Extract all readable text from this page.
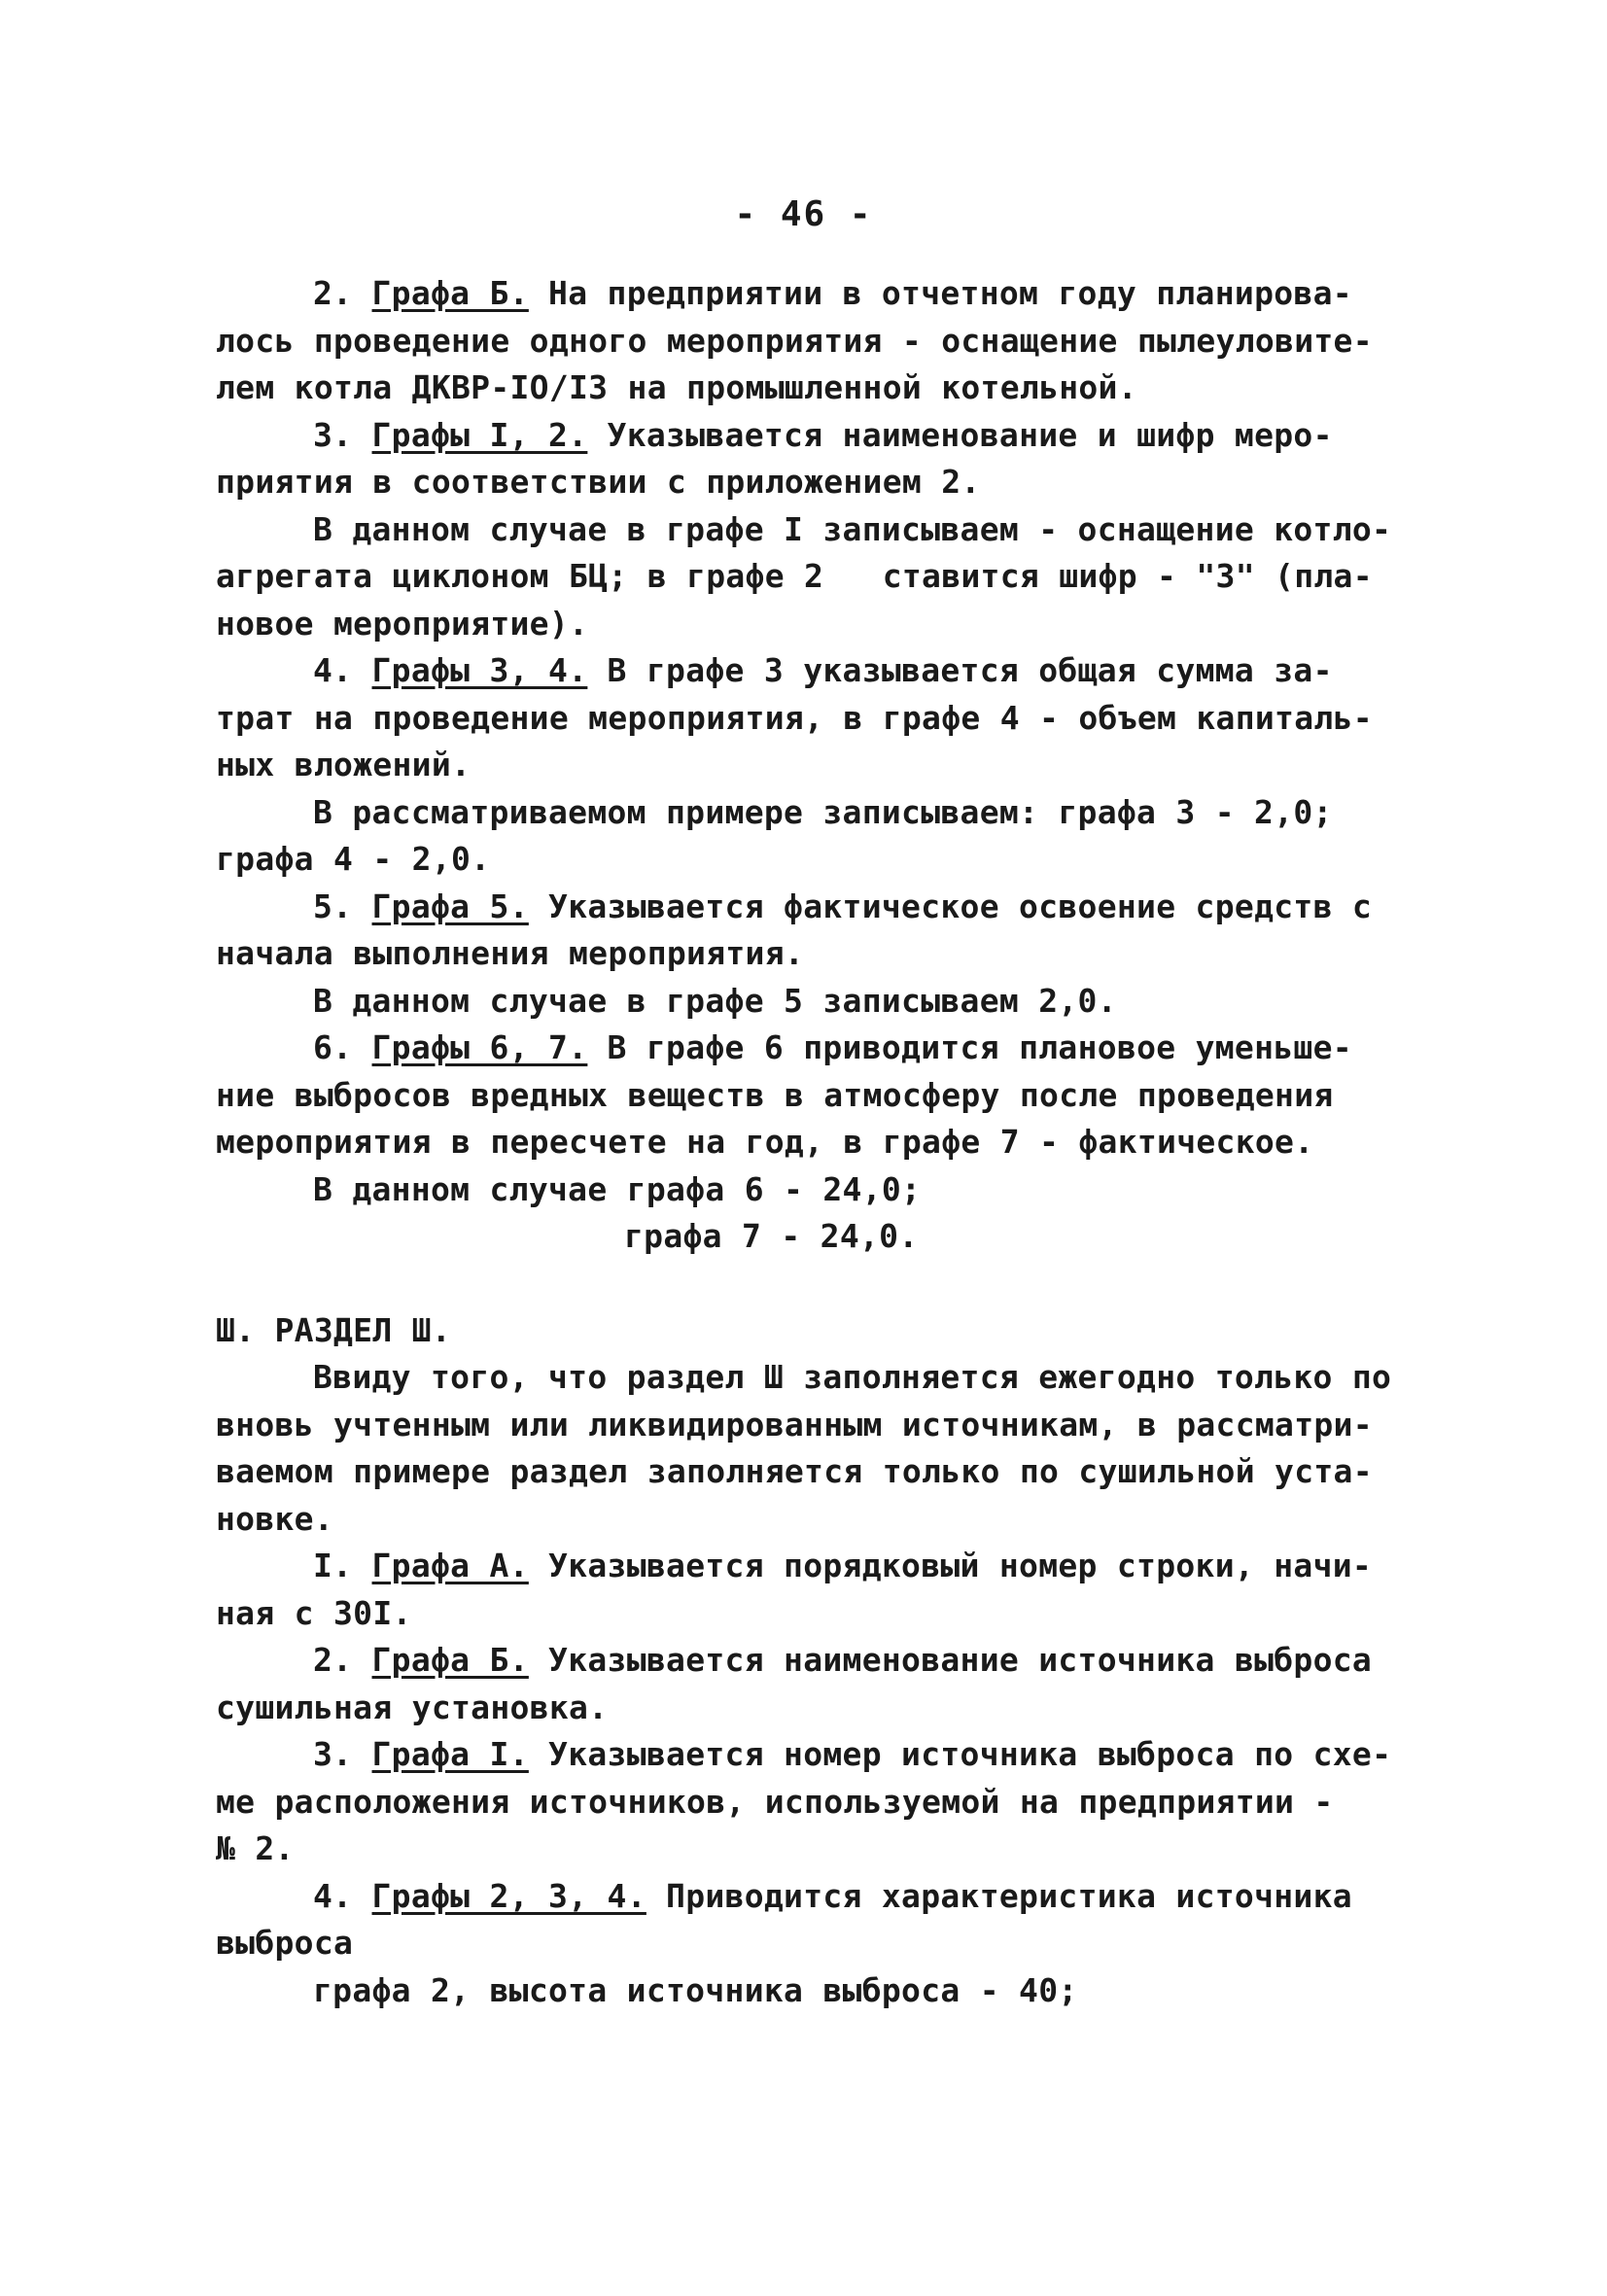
- 46 -
2. Графа Б. На предприятии в отчетном году планирова-
лось проведение одного мероприятия - оснащение пылеуловите-
лем котла ДКВР-IO/I3 на промышленной котельной.
3. Графы I, 2. Указывается наименование и шифр меро-
приятия в соответствии с приложением 2.
В данном случае в графе I записываем - оснащение котло-
агрегата циклоном БЦ; в графе 2   ставится шифр - "3" (пла-
новое мероприятие).
4. Графы 3, 4. В графе 3 указывается общая сумма за-
трат на проведение мероприятия, в графе 4 - объем капиталь-
ных вложений.
В рассматриваемом примере записываем: графа 3 - 2,0;
графа 4 - 2,0.
5. Графа 5. Указывается фактическое освоение средств с
начала выполнения мероприятия.
В данном случае в графе 5 записываем 2,0.
6. Графы 6, 7. В графе 6 приводится плановое уменьше-
ние выбросов вредных веществ в атмосферу после проведения
мероприятия в пересчете на год, в графе 7 - фактическое.
В данном случае графа 6 - 24,0;
графа 7 - 24,0.
Ш. РАЗДЕЛ Ш.
Ввиду того, что раздел Ш заполняется ежегодно только по
вновь учтенным или ликвидированным источникам, в рассматри-
ваемом примере раздел заполняется только по сушильной уста-
новке.
I. Графа А. Указывается порядковый номер строки, начи-
ная с 30I.
2. Графа Б. Указывается наименование источника выброса
сушильная установка.
3. Графа I. Указывается номер источника выброса по схе-
ме расположения источников, используемой на предприятии -
№ 2.
4. Графы 2, 3, 4. Приводится характеристика источника
выброса
графа 2, высота источника выброса - 40;
